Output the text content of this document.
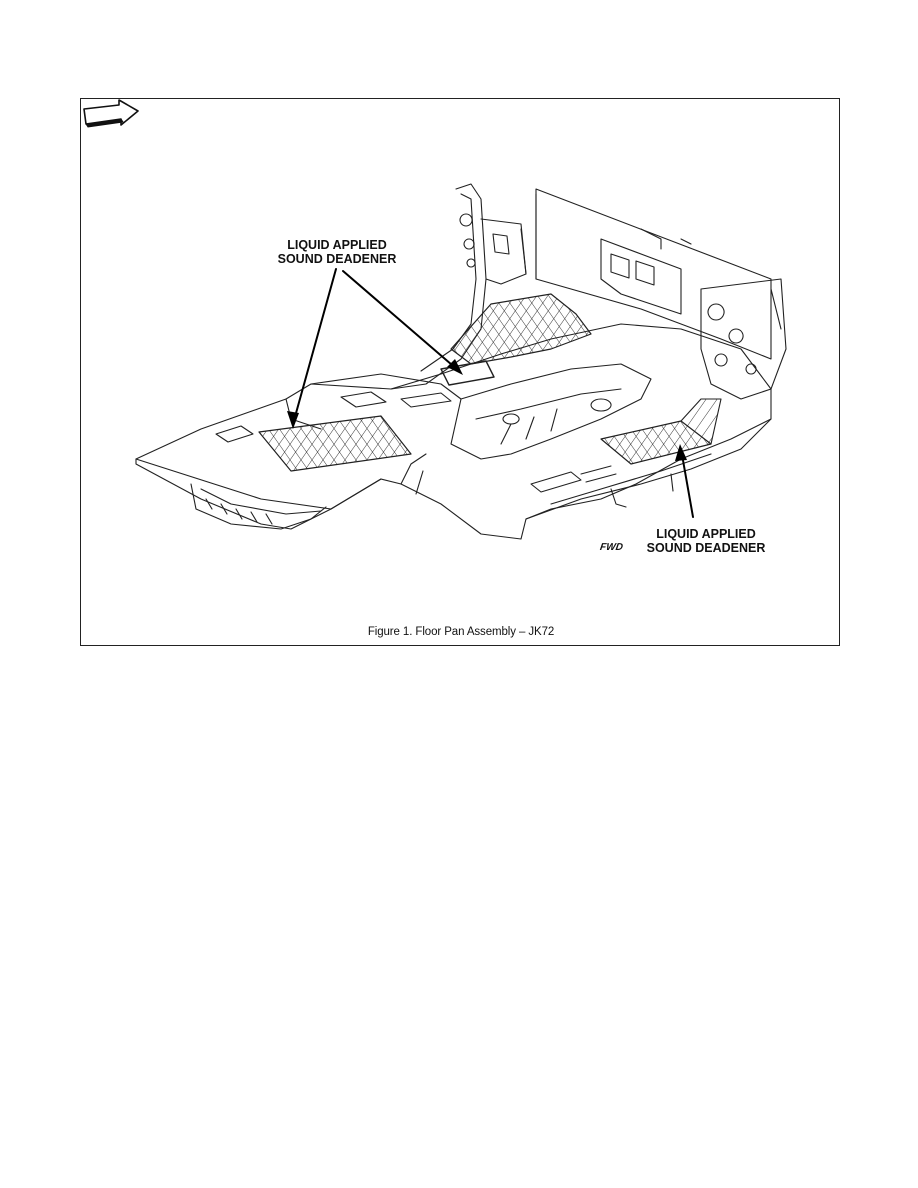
LIQUID APPLIED
SOUND DEADENER
LIQUID APPLIED
SOUND DEADENER
FWD
Figure 1. Floor Pan Assembly – JK72
